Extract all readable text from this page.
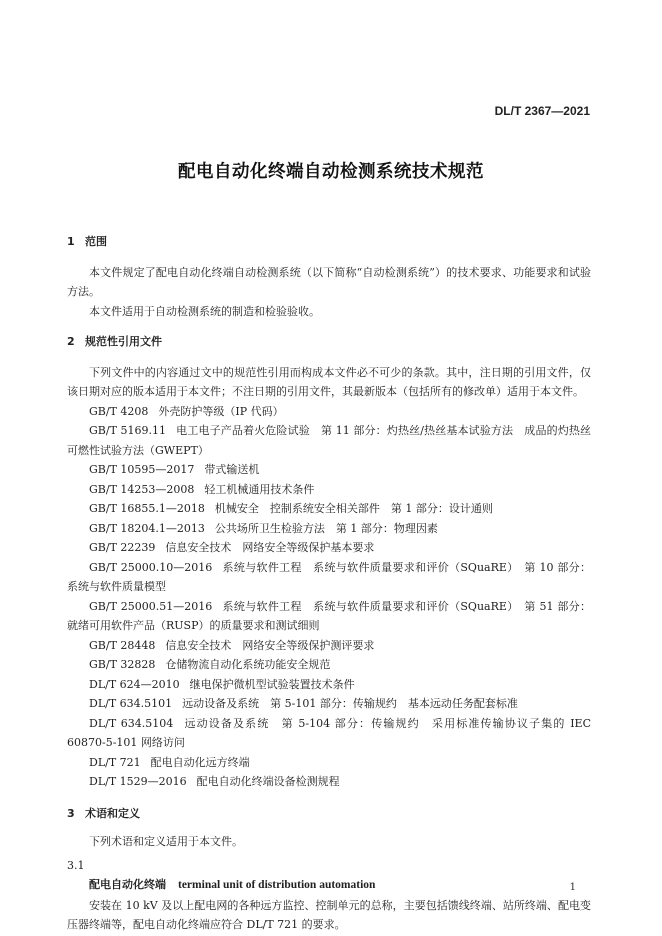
DL/T 2367—2021
配电自动化终端自动检测系统技术规范
1 范围

本文件规定了配电自动化终端自动检测系统（以下简称“自动检测系统”）的技术要求、功能要求和试验方法。

本文件适用于自动检测系统的制造和检验验收。

2 规范性引用文件

下列文件中的内容通过文中的规范性引用而构成本文件必不可少的条款。其中，注日期的引用文件，仅该日期对应的版本适用于本文件；不注日期的引用文件，其最新版本（包括所有的修改单）适用于本文件。

GB/T 4208 外壳防护等级（IP 代码）

GB/T 5169.11 电工电子产品着火危险试验　第 11 部分：灼热丝/热丝基本试验方法　成品的灼热丝可燃性试验方法（GWEPT）

GB/T 10595—2017 带式输送机

GB/T 14253—2008 轻工机械通用技术条件

GB/T 16855.1—2018 机械安全　控制系统安全相关部件　第 1 部分：设计通则

GB/T 18204.1—2013 公共场所卫生检验方法　第 1 部分：物理因素

GB/T 22239 信息安全技术　网络安全等级保护基本要求

GB/T 25000.10—2016 系统与软件工程　系统与软件质量要求和评价（SQuaRE）　第 10 部分：系统与软件质量模型

GB/T 25000.51—2016 系统与软件工程　系统与软件质量要求和评价（SQuaRE）　第 51 部分：就绪可用软件产品（RUSP）的质量要求和测试细则

GB/T 28448 信息安全技术　网络安全等级保护测评要求

GB/T 32828 仓储物流自动化系统功能安全规范

DL/T 624—2010 继电保护微机型试验装置技术条件

DL/T 634.5101 远动设备及系统　第 5-101 部分：传输规约　基本远动任务配套标准

DL/T 634.5104 远动设备及系统　第 5-104 部分：传输规约　采用标准传输协议子集的 IEC 60870-5-101 网络访问

DL/T 721 配电自动化远方终端

DL/T 1529—2016 配电自动化终端设备检测规程

3 术语和定义

下列术语和定义适用于本文件。

3.1

配电自动化终端 terminal unit of distribution automation

安装在 10 kV 及以上配电网的各种远方监控、控制单元的总称，主要包括馈线终端、站所终端、配电变压器终端等，配电自动化终端应符合 DL/T 721 的要求。

1
